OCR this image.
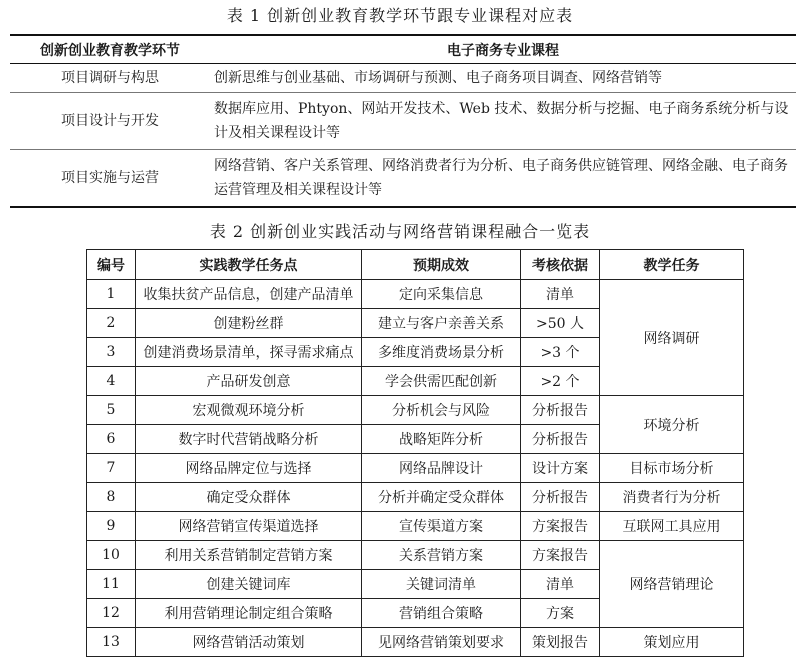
表 1 创新创业教育教学环节跟专业课程对应表
创新创业教育教学环节	电子商务专业课程
项目调研与构思	创新思维与创业基础、市场调研与预测、电子商务项目调查、网络营销等
项目设计与开发	数据库应用、Phtyon、网站开发技术、Web 技术、数据分析与挖掘、电子商务系统分析与设计及相关课程设计等
项目实施与运营	网络营销、客户关系管理、网络消费者行为分析、电子商务供应链管理、网络金融、电子商务运营管理及相关课程设计等
表 2 创新创业实践活动与网络营销课程融合一览表
编号	实践教学任务点	预期成效	考核依据	教学任务
1	收集扶贫产品信息，创建产品清单	定向采集信息	清单	网络调研
2	创建粉丝群	建立与客户亲善关系	>50 人	
3	创建消费场景清单，探寻需求痛点	多维度消费场景分析	>3 个	
4	产品研发创意	学会供需匹配创新	>2 个	
5	宏观微观环境分析	分析机会与风险	分析报告	环境分析
6	数字时代营销战略分析	战略矩阵分析	分析报告	
7	网络品牌定位与选择	网络品牌设计	设计方案	目标市场分析
8	确定受众群体	分析并确定受众群体	分析报告	消费者行为分析
9	网络营销宣传渠道选择	宣传渠道方案	方案报告	互联网工具应用
10	利用关系营销制定营销方案	关系营销方案	方案报告	网络营销理论
11	创建关键词库	关键词清单	清单	
12	利用营销理论制定组合策略	营销组合策略	方案	
13	网络营销活动策划	见网络营销策划要求	策划报告	策划应用
